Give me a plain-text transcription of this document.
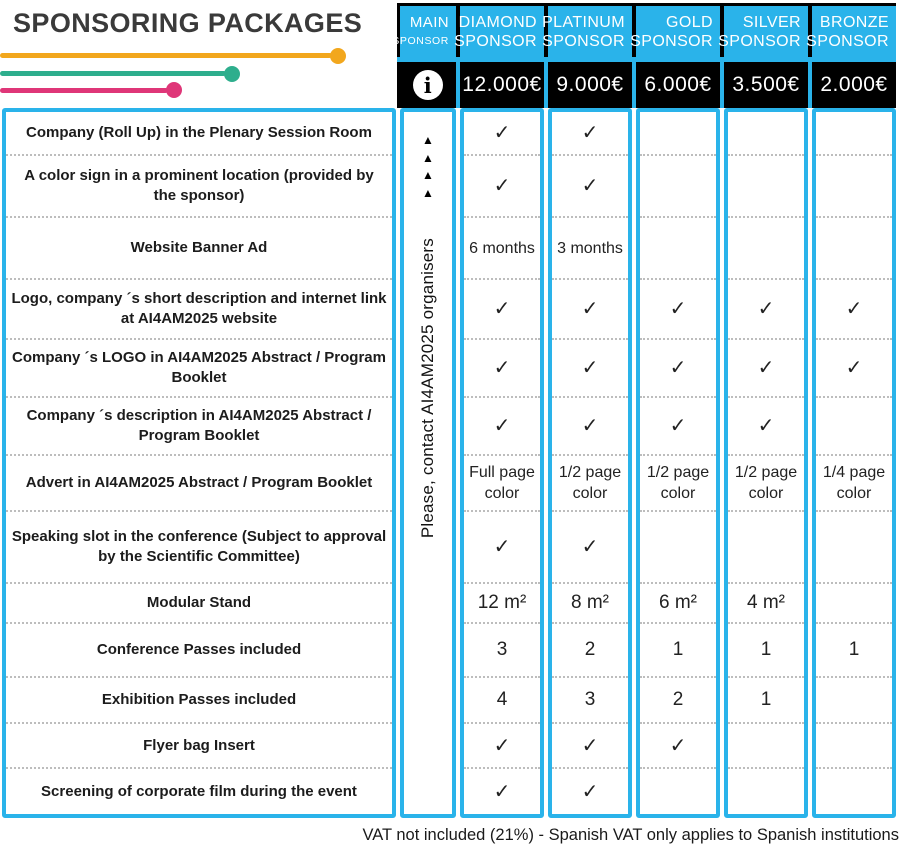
SPONSORING PACKAGES	MAIN
SPONSOR
DIAMOND
SPONSOR
PLATINUM
SPONSOR
GOLD
SPONSOR
SILVER
SPONSOR
BRONZE
SPONSOR
i	12.000€ 9.000€ 6.000€ 3.500€ 2.000€
Company (Roll Up) in the Plenary Session Room
A color sign in a prominent location (provided by the sponsor)
Website Banner Ad
Logo, company ´s short description and internet link at AI4AM2025 website
Company ´s LOGO in AI4AM2025 Abstract / Program Booklet
Company ´s description in AI4AM2025 Abstract / Program Booklet
Advert in AI4AM2025 Abstract / Program Booklet
Speaking slot in the conference (Subject to approval by the Scientific Committee)
Modular Stand
Conference Passes included
Exhibition Passes included
Flyer bag Insert
Screening of corporate film during the event
▲
▲
▲
▲
Please, contact AI4AM2025 organisers
✓
✓
6 months
✓
✓
✓
Full page color
✓
12 m²
3
4
✓
✓
✓
✓
3 months
✓
✓
✓
1/2 page color
✓
8 m²
2
3
✓
✓
✓
✓
✓
1/2 page color
6 m²
1
2
✓
✓
✓
✓
1/2 page color
4 m²
1
1
✓
✓
1/4 page color
1
VAT not included (21%) - Spanish VAT only applies to Spanish institutions
